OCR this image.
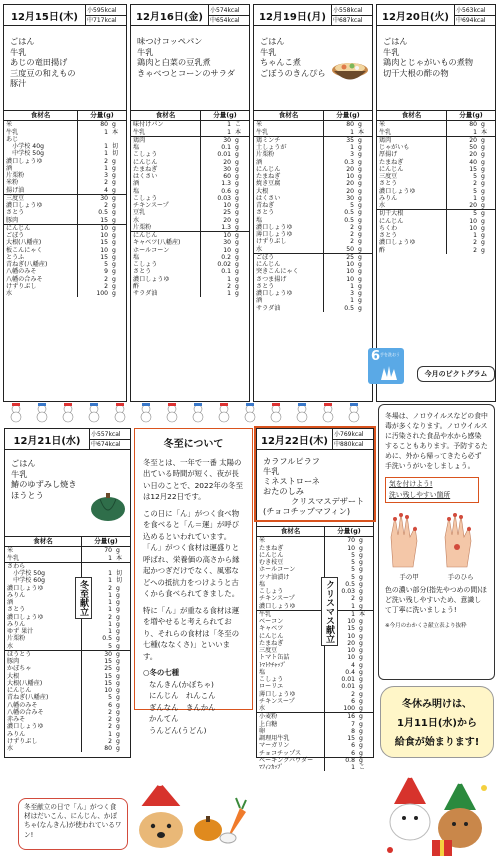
12月15日(木)
小595kcal
中717kcal
ごはん
牛乳
あじの竜田揚げ
三度豆の和えもの
豚汁
食材名	分量(g)	
米	80	g
牛乳	1	本
あじ		
　小学校 40g	1	切
　中学校 50g	1	切
濃口しょうゆ	2	g
酒	1	g
片栗粉	3	g
米粉	2	g
揚げ油	4	g
三度豆	30	g
濃口しょうゆ	2	g
さとう	0.5	g
豚肉	15	g
にんじん	10	g
ごぼう	10	g
大根(八幡産)	15	g
板こんにゃく	10	g
とうふ	15	g
青ねぎ(八幡産)	5	g
八幡のみそ	9	g
八幡の合みそ	2	g
けずりぶし	2	g
水	100	g
12月16日(金)
小574kcal
中654kcal
味つけコッペパン
牛乳
鶏肉と白菜の豆乳煮
きゃべつとコーンのサラダ
食材名	分量(g)	
味付けパン	1	こ
牛乳	1	本
鶏肉	30	g
塩	0.1	g
こしょう	0.01	g
にんじん	20	g
たまねぎ	30	g
はくさい	60	g
酒	1.3	g
塩	0.6	g
こしょう	0.03	g
チキンスープ	10	g
豆乳	25	g
水	20	g
片栗粉	1.3	g
にんじん	10	g
キャベツ(八幡産)	30	g
ホールコーン	10	g
塩	0.2	g
こしょう	0.02	g
さとう	0.1	g
濃口しょうゆ	1	g
酢	2	g
サラダ油	1	g
12月19日(月)
小558kcal
中687kcal
ごはん
牛乳
ちゃんこ煮
ごぼうのきんぴら
食材名	分量(g)	
米	80	g
牛乳	1	本
鶏ミンチ	35	g
土しょうが	1	g
片栗粉	3	g
酒	0.3	g
にんじん	20	g
たまねぎ	10	g
焼き豆腐	20	g
大根	20	g
はくさい	30	g
青ねぎ	5	g
さとう	0.5	g
塩	0.5	g
濃口しょうゆ	2	g
薄口しょうゆ	2	g
けずりぶし	2	g
水	50	g
ごぼう	25	g
にんじん	10	g
突きこんにゃく	10	g
さつま揚げ	10	g
さとう	1	g
濃口しょうゆ	3	g
酒	1	g
サラダ油	0.5	g
12月20日(火)
小563kcal
中694kcal
ごはん
牛乳
鶏肉とじゃがいもの煮物
切干大根の酢の物
食材名	分量(g)	
米	80	g
牛乳	1	本
鶏肉	20	g
じゃがいも	50	g
厚揚げ	20	g
たまねぎ	40	g
にんじん	15	g
三度豆	5	g
さとう	2	g
濃口しょうゆ	5	g
みりん	1	g
水	20	g
切干大根	5	g
にんじん	10	g
ちくわ	10	g
さとう	1	g
濃口しょうゆ	2	g
酢	2	g
6 手を洗おう
今月のピクトグラム
12月21日(水)
小557kcal
中674kcal
ごはん
牛乳
鰆のゆずみし焼き
ほうとう
食材名	分量(g)	
米	70	g
牛乳	1	本
さわら		
　小学校 50g	1	切
　中学校 60g	1	切
濃口しょうゆ	2	g
みりん	1	g
酒	1	g
さとう	1	g
濃口しょうゆ	2	g
みりん	1	g
ゆず 果汁	1	g
片栗粉	0.5	g
水	5	g
ほうとう	30	g
豚肉	15	g
かぼちゃ	25	g
大根	15	g
大根(八幡産)	15	g
にんじん	10	g
青ねぎ(八幡産)	5	g
八幡のみそ	6	g
八幡の合みそ	2	g
赤みそ	2	g
濃口しょうゆ	2	g
みりん	1	g
けずりぶし	2	g
水	80	g
冬至献立
冬至について
冬至とは、一年で一番 太陽の出ている時間が短く、夜が長い日のことで、2022年の冬至は12月22日です。
この日に「ん」がつく食べ物を食べると「ん＝運」が呼び込めるといわれています。「ん」がつく食材は運盛りと呼ばれ、栄養価の高さから縁起かつぎだけでなく、風邪などへの抵抗力をつけようと古くから食べられてきました。
特に「ん」が重なる食材は運を増やせると考えられており、それらの食材は「冬至の七種(ななくさ)」といいます。
○冬の七種
なんきん(かぼちゃ)
にんじん　れんこん
ぎんなん　きんかん
かんてん
うんどん(うどん)
12月22日(木)
小769kcal
中880kcal
カラフルピラフ
牛乳
ミネストローネ
おたのしみ
クリスマスデザート
(チョコチップマフィン)
食材名	分量(g)	
米	70	g
たまねぎ	10	g
にんじん	5	g
むき枝豆	5	g
ホールコーン	5	g
ツナ油漬け	5	g
塩	0.5	g
こしょう	0.03	g
チキンスープ	2	g
濃口しょうゆ	1	g
牛乳	1	本
ベーコン	10	g
キャベツ	15	g
にんじん	10	g
たまねぎ	20	g
三度豆	10	g
トマト缶詰	10	g
ﾄﾏﾄｹﾁｬｯﾌﾟ	4	g
塩	0.4	g
こしょう	0.01	g
ローリエ	0.01	g
薄口しょうゆ	2	g
チキンスープ	6	g
水	100	g
小麦粉	16	g
上白糖	7	g
卵	8	g
調理用牛乳	15	g
マーガリン	6	g
チョコチップス	6	g
ベーキングパウダー	0.8	g
ﾏﾌｨﾝｶｯﾌﾟ	1	こ
クリスマス献立
冬場は、ノロウイルスなどの食中毒が多くなります。ノロウイルスに汚染された食品や水から感染することもあります。予防するために、外から帰ってきたら必ず手洗いうがいをしましょう。
気を付けよう!
洗い残しやすい箇所
手の甲	手のひら
色の濃い部分(指先やつめの間)ほど洗い残しやすいため、意識して丁寧に洗いましょう!
※今月のわかくさ献立表より抜粋
冬休み明けは、
1月11日(水)から
給食が始まります!
冬至献立の日で「ん」がつく食材はだいこん、にんじん、かぼちゃ(なんきん)が使われているワン!
